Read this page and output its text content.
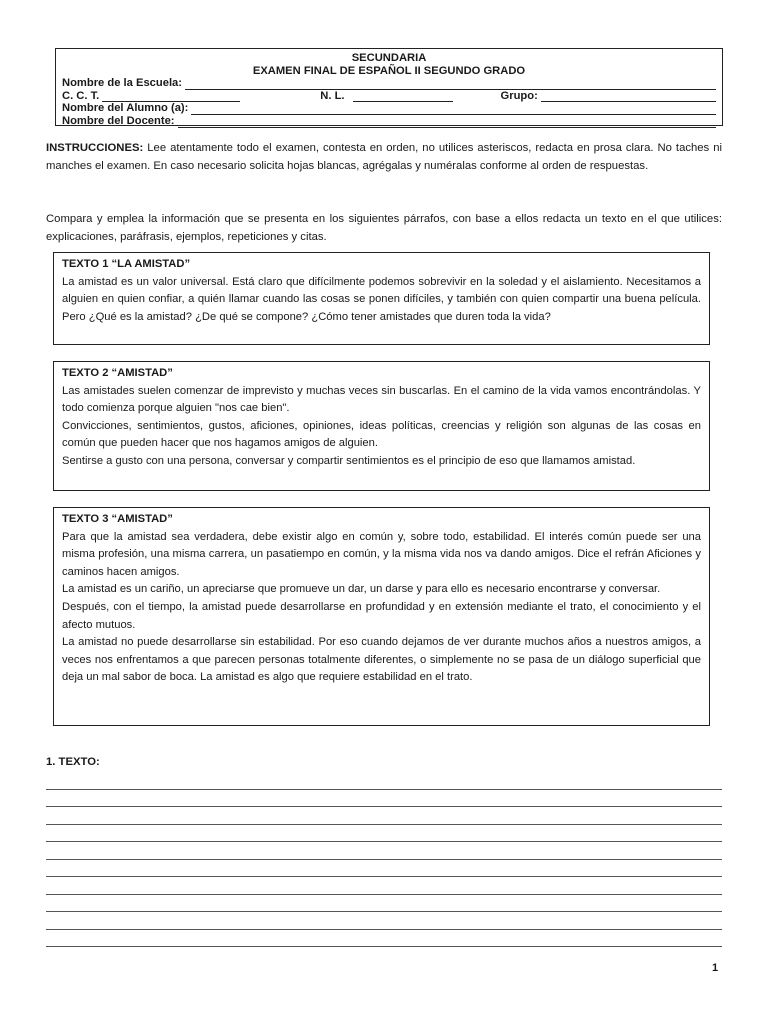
SECUNDARIA
EXAMEN FINAL DE ESPAÑOL II SEGUNDO GRADO
Nombre de la Escuela:
C. C. T.	N. L.	Grupo:
Nombre del Alumno (a):
Nombre del Docente:
INSTRUCCIONES: Lee atentamente todo el examen, contesta en orden, no utilices asteriscos, redacta en prosa clara. No taches ni manches el examen. En caso necesario solicita hojas blancas, agrégalas y numéralas conforme al orden de respuestas.
Compara y emplea la información que se presenta en los siguientes párrafos, con base a ellos redacta un texto en el que utilices: explicaciones, paráfrasis, ejemplos, repeticiones y citas.
TEXTO 1 “LA AMISTAD”

La amistad es un valor universal. Está claro que difícilmente podemos sobrevivir en la soledad y el aislamiento. Necesitamos a alguien en quien confiar, a quién llamar cuando las cosas se ponen difíciles, y también con quien compartir una buena película. Pero ¿Qué es la amistad? ¿De qué se compone? ¿Cómo tener amistades que duren toda la vida?

TEXTO 2 “AMISTAD”

Las amistades suelen comenzar de imprevisto y muchas veces sin buscarlas. En el camino de la vida vamos encontrándolas. Y todo comienza porque alguien "nos cae bien".

Convicciones, sentimientos, gustos, aficiones, opiniones, ideas políticas, creencias y religión son algunas de las cosas en común que pueden hacer que nos hagamos amigos de alguien.

Sentirse a gusto con una persona, conversar y compartir sentimientos es el principio de eso que llamamos amistad.

TEXTO 3 “AMISTAD”

Para que la amistad sea verdadera, debe existir algo en común y, sobre todo, estabilidad. El interés común puede ser una misma profesión, una misma carrera, un pasatiempo en común, y la misma vida nos va dando amigos. Dice el refrán Aficiones y caminos hacen amigos.

La amistad es un cariño, un apreciarse que promueve un dar, un darse y para ello es necesario encontrarse y conversar.

Después, con el tiempo, la amistad puede desarrollarse en profundidad y en extensión mediante el trato, el conocimiento y el afecto mutuos.

La amistad no puede desarrollarse sin estabilidad. Por eso cuando dejamos de ver durante muchos años a nuestros amigos, a veces nos enfrentamos a que parecen personas totalmente diferentes, o simplemente no se pasa de un diálogo superficial que deja un mal sabor de boca. La amistad es algo que requiere estabilidad en el trato.

1. TEXTO:
1
